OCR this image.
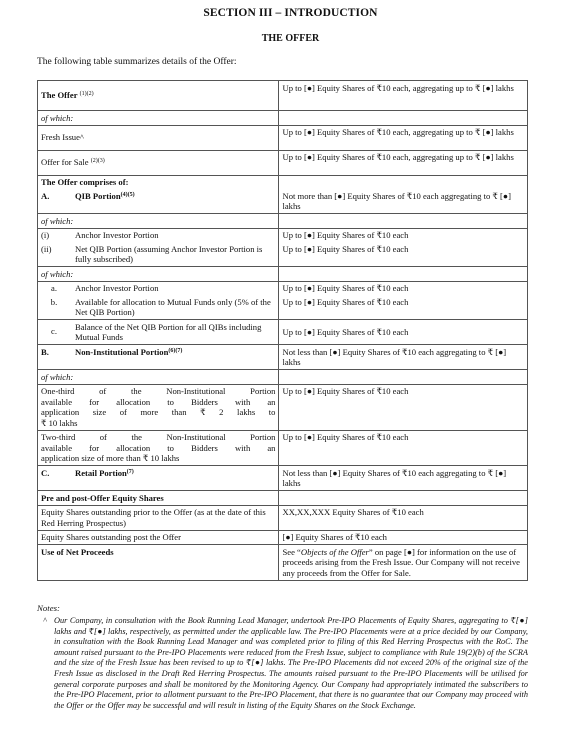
SECTION III – INTRODUCTION
THE OFFER
The following table summarizes details of the Offer:
The Offer $^{(1)(2)}$	Up to [●] Equity Shares of ₹10 each, aggregating up to ₹ [●] lakhs
of which:	
Fresh Issue^	Up to [●] Equity Shares of ₹10 each, aggregating up to ₹ [●] lakhs
Offer for Sale $^{(2)(3)}$	Up to [●] Equity Shares of ₹10 each, aggregating up to ₹ [●] lakhs
The Offer comprises of:	

A. QIB Portion$^{(4)(5)}$	Not more than [●] Equity Shares of ₹10 each aggregating to ₹ [●] lakhs
of which:	

(i) Anchor Investor Portion	Up to [●] Equity Shares of ₹10 each

(ii) Net QIB Portion (assuming Anchor Investor Portion is fully subscribed)	Up to [●] Equity Shares of ₹10 each
of which:	

a. Anchor Investor Portion	Up to [●] Equity Shares of ₹10 each

b. Available for allocation to Mutual Funds only (5% of the Net QIB Portion)	Up to [●] Equity Shares of ₹10 each

c. Balance of the Net QIB Portion for all QIBs including Mutual Funds	Up to [●] Equity Shares of ₹10 each

B. Non-Institutional Portion$^{(6)(7)}$	Not less than [●] Equity Shares of ₹10 each aggregating to ₹ [●] lakhs
of which:	

One-third of the Non-Institutional Portion
available for allocation to Bidders with an
application size of more than ₹ 2 lakhs to
₹ 10 lakhs	Up to [●] Equity Shares of ₹10 each

Two-third of the Non-Institutional Portion
available for allocation to Bidders with an
application size of more than ₹ 10 lakhs	Up to [●] Equity Shares of ₹10 each

C. Retail Portion$^{(7)}$	Not less than [●] Equity Shares of ₹10 each aggregating to ₹ [●] lakhs
Pre and post-Offer Equity Shares	
Equity Shares outstanding prior to the Offer (as at the date of this Red Herring Prospectus)	XX,XX,XXX Equity Shares of ₹10 each
Equity Shares outstanding post the Offer	[●] Equity Shares of ₹10 each
Use of Net Proceeds	See “Objects of the Offer” on page [●] for information on the use of proceeds arising from the Fresh Issue. Our Company will not receive any proceeds from the Offer for Sale.
Notes:
^ Our Company, in consultation with the Book Running Lead Manager, undertook Pre-IPO Placements of Equity Shares, aggregating to ₹[●] lakhs and ₹[●] lakhs, respectively, as permitted under the applicable law. The Pre-IPO Placements were at a price decided by our Company, in consultation with the Book Running Lead Manager and was completed prior to filing of this Red Herring Prospectus with the RoC. The amount raised pursuant to the Pre-IPO Placements were reduced from the Fresh Issue, subject to compliance with Rule 19(2)(b) of the SCRA and the size of the Fresh Issue has been revised to up to ₹[●] lakhs. The Pre-IPO Placements did not exceed 20% of the original size of the Fresh Issue as disclosed in the Draft Red Herring Prospectus. The amounts raised pursuant to the Pre-IPO Placements will be utilised for general corporate purposes and shall be monitored by the Monitoring Agency. Our Company had appropriately intimated the subscribers to the Pre-IPO Placement, prior to allotment pursuant to the Pre-IPO Placement, that there is no guarantee that our Company may proceed with the Offer or the Offer may be successful and will result in listing of the Equity Shares on the Stock Exchange.
